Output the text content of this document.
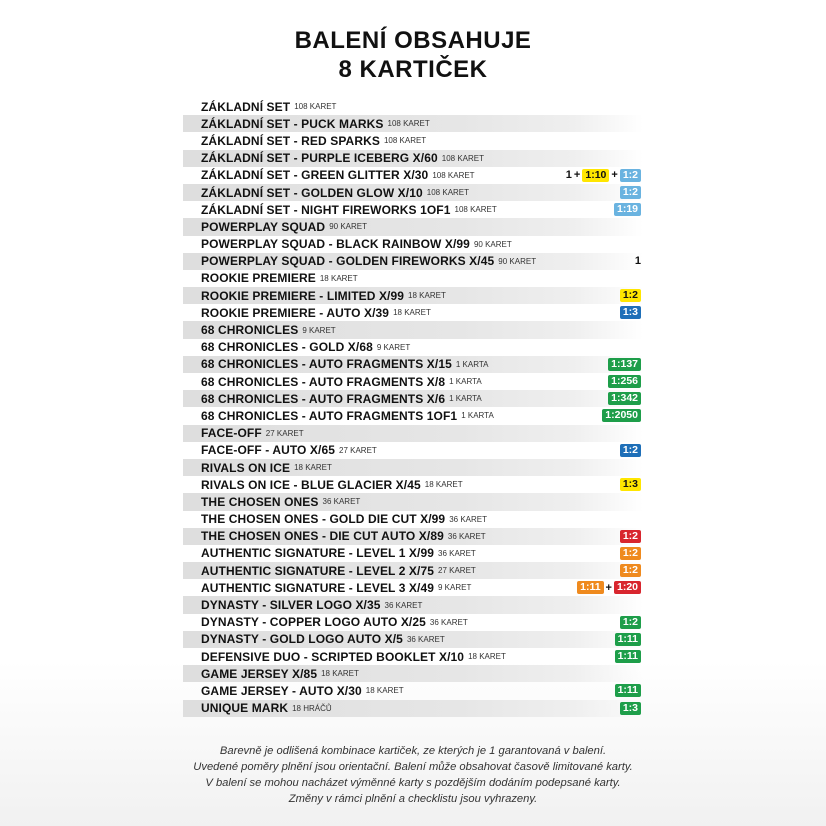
BALENÍ OBSAHUJE
8 KARTIČEK
ZÁKLADNÍ SET 108 KARET
ZÁKLADNÍ SET - PUCK MARKS 108 KARET
ZÁKLADNÍ SET - RED SPARKS 108 KARET
ZÁKLADNÍ SET - PURPLE ICEBERG X/60 108 KARET
ZÁKLADNÍ SET - GREEN GLITTER X/30 108 KARET	1 + 1:10 + 1:2
ZÁKLADNÍ SET - GOLDEN GLOW X/10 108 KARET	1:2
ZÁKLADNÍ SET - NIGHT FIREWORKS 1OF1 108 KARET	1:19
POWERPLAY SQUAD 90 KARET
POWERPLAY SQUAD - BLACK RAINBOW X/99 90 KARET
POWERPLAY SQUAD - GOLDEN FIREWORKS X/45 90 KARET	1
ROOKIE PREMIERE 18 KARET
ROOKIE PREMIERE - LIMITED X/99 18 KARET	1:2
ROOKIE PREMIERE - AUTO X/39 18 KARET	1:3
68 CHRONICLES 9 KARET
68 CHRONICLES - GOLD X/68 9 KARET
68 CHRONICLES - AUTO FRAGMENTS X/15 1 KARTA	1:137
68 CHRONICLES - AUTO FRAGMENTS X/8 1 KARTA	1:256
68 CHRONICLES - AUTO FRAGMENTS X/6 1 KARTA	1:342
68 CHRONICLES - AUTO FRAGMENTS 1OF1 1 KARTA	1:2050
FACE-OFF 27 KARET
FACE-OFF - AUTO X/65 27 KARET	1:2
RIVALS ON ICE 18 KARET
RIVALS ON ICE - BLUE GLACIER X/45 18 KARET	1:3
THE CHOSEN ONES 36 KARET
THE CHOSEN ONES - GOLD DIE CUT X/99 36 KARET
THE CHOSEN ONES - DIE CUT AUTO X/89 36 KARET	1:2
AUTHENTIC SIGNATURE - LEVEL 1 X/99 36 KARET	1:2
AUTHENTIC SIGNATURE - LEVEL 2 X/75 27 KARET	1:2
AUTHENTIC SIGNATURE - LEVEL 3 X/49 9 KARET	1:11 + 1:20
DYNASTY - SILVER LOGO X/35 36 KARET
DYNASTY - COPPER LOGO AUTO X/25 36 KARET	1:2
DYNASTY - GOLD LOGO AUTO X/5 36 KARET	1:11
DEFENSIVE DUO - SCRIPTED BOOKLET X/10 18 KARET	1:11
GAME JERSEY X/85 18 KARET
GAME JERSEY - AUTO X/30 18 KARET	1:11
UNIQUE MARK 18 HRÁČŮ	1:3
Barevně je odlišená kombinace kartiček, ze kterých je 1 garantovaná v balení.
Uvedené poměry plnění jsou orientační. Balení může obsahovat časově limitované karty.
V balení se mohou nacházet výměnné karty s pozdějším dodáním podepsané karty.
Změny v rámci plnění a checklistu jsou vyhrazeny.
